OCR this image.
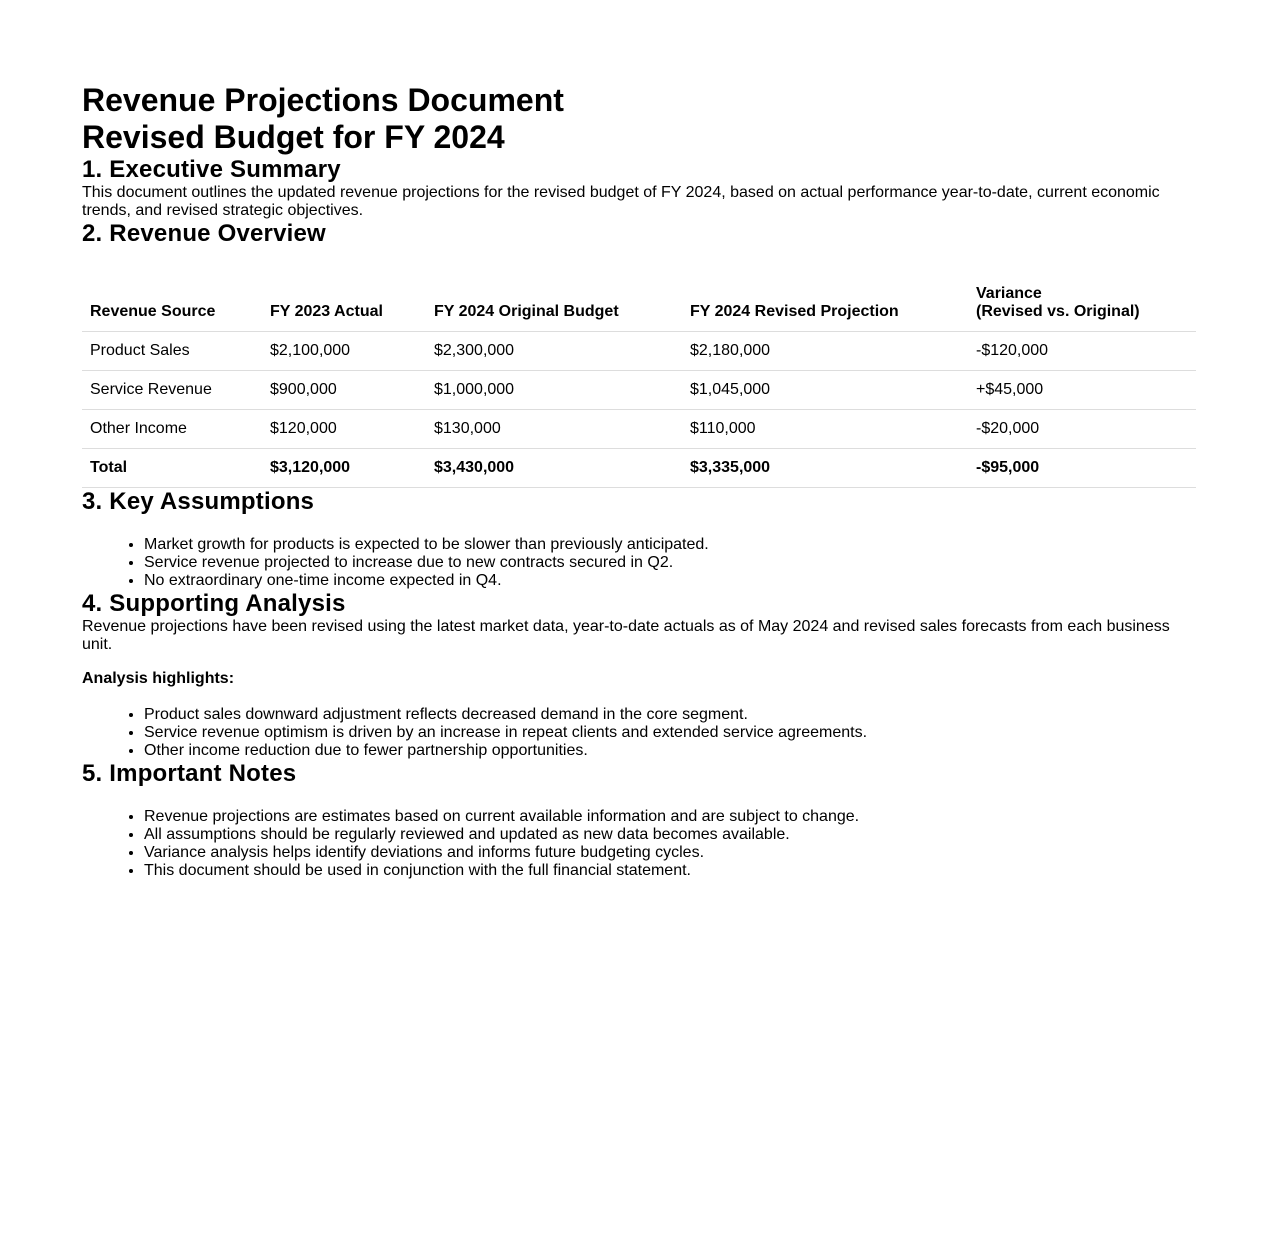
Revenue Projections Document
Revised Budget for FY 2024
1. Executive Summary

This document outlines the updated revenue projections for the revised budget of FY 2024, based on actual performance year-to-date, current economic trends, and revised strategic objectives.

2. Revenue Overview
Revenue Source	FY 2023 Actual	FY 2024 Original Budget	FY 2024 Revised Projection	Variance
(Revised vs. Original)
Product Sales	$2,100,000	$2,300,000	$2,180,000	-$120,000
Service Revenue	$900,000	$1,000,000	$1,045,000	+$45,000
Other Income	$120,000	$130,000	$110,000	-$20,000
Total	$3,120,000	$3,430,000	$3,335,000	-$95,000
3. Key Assumptions
• Market growth for products is expected to be slower than previously anticipated.
• Service revenue projected to increase due to new contracts secured in Q2.
• No extraordinary one-time income expected in Q4.
4. Supporting Analysis

Revenue projections have been revised using the latest market data, year-to-date actuals as of May 2024 and revised sales forecasts from each business unit.

Analysis highlights:

• Product sales downward adjustment reflects decreased demand in the core segment.
• Service revenue optimism is driven by an increase in repeat clients and extended service agreements.
• Other income reduction due to fewer partnership opportunities.
5. Important Notes
• Revenue projections are estimates based on current available information and are subject to change.
• All assumptions should be regularly reviewed and updated as new data becomes available.
• Variance analysis helps identify deviations and informs future budgeting cycles.
• This document should be used in conjunction with the full financial statement.
